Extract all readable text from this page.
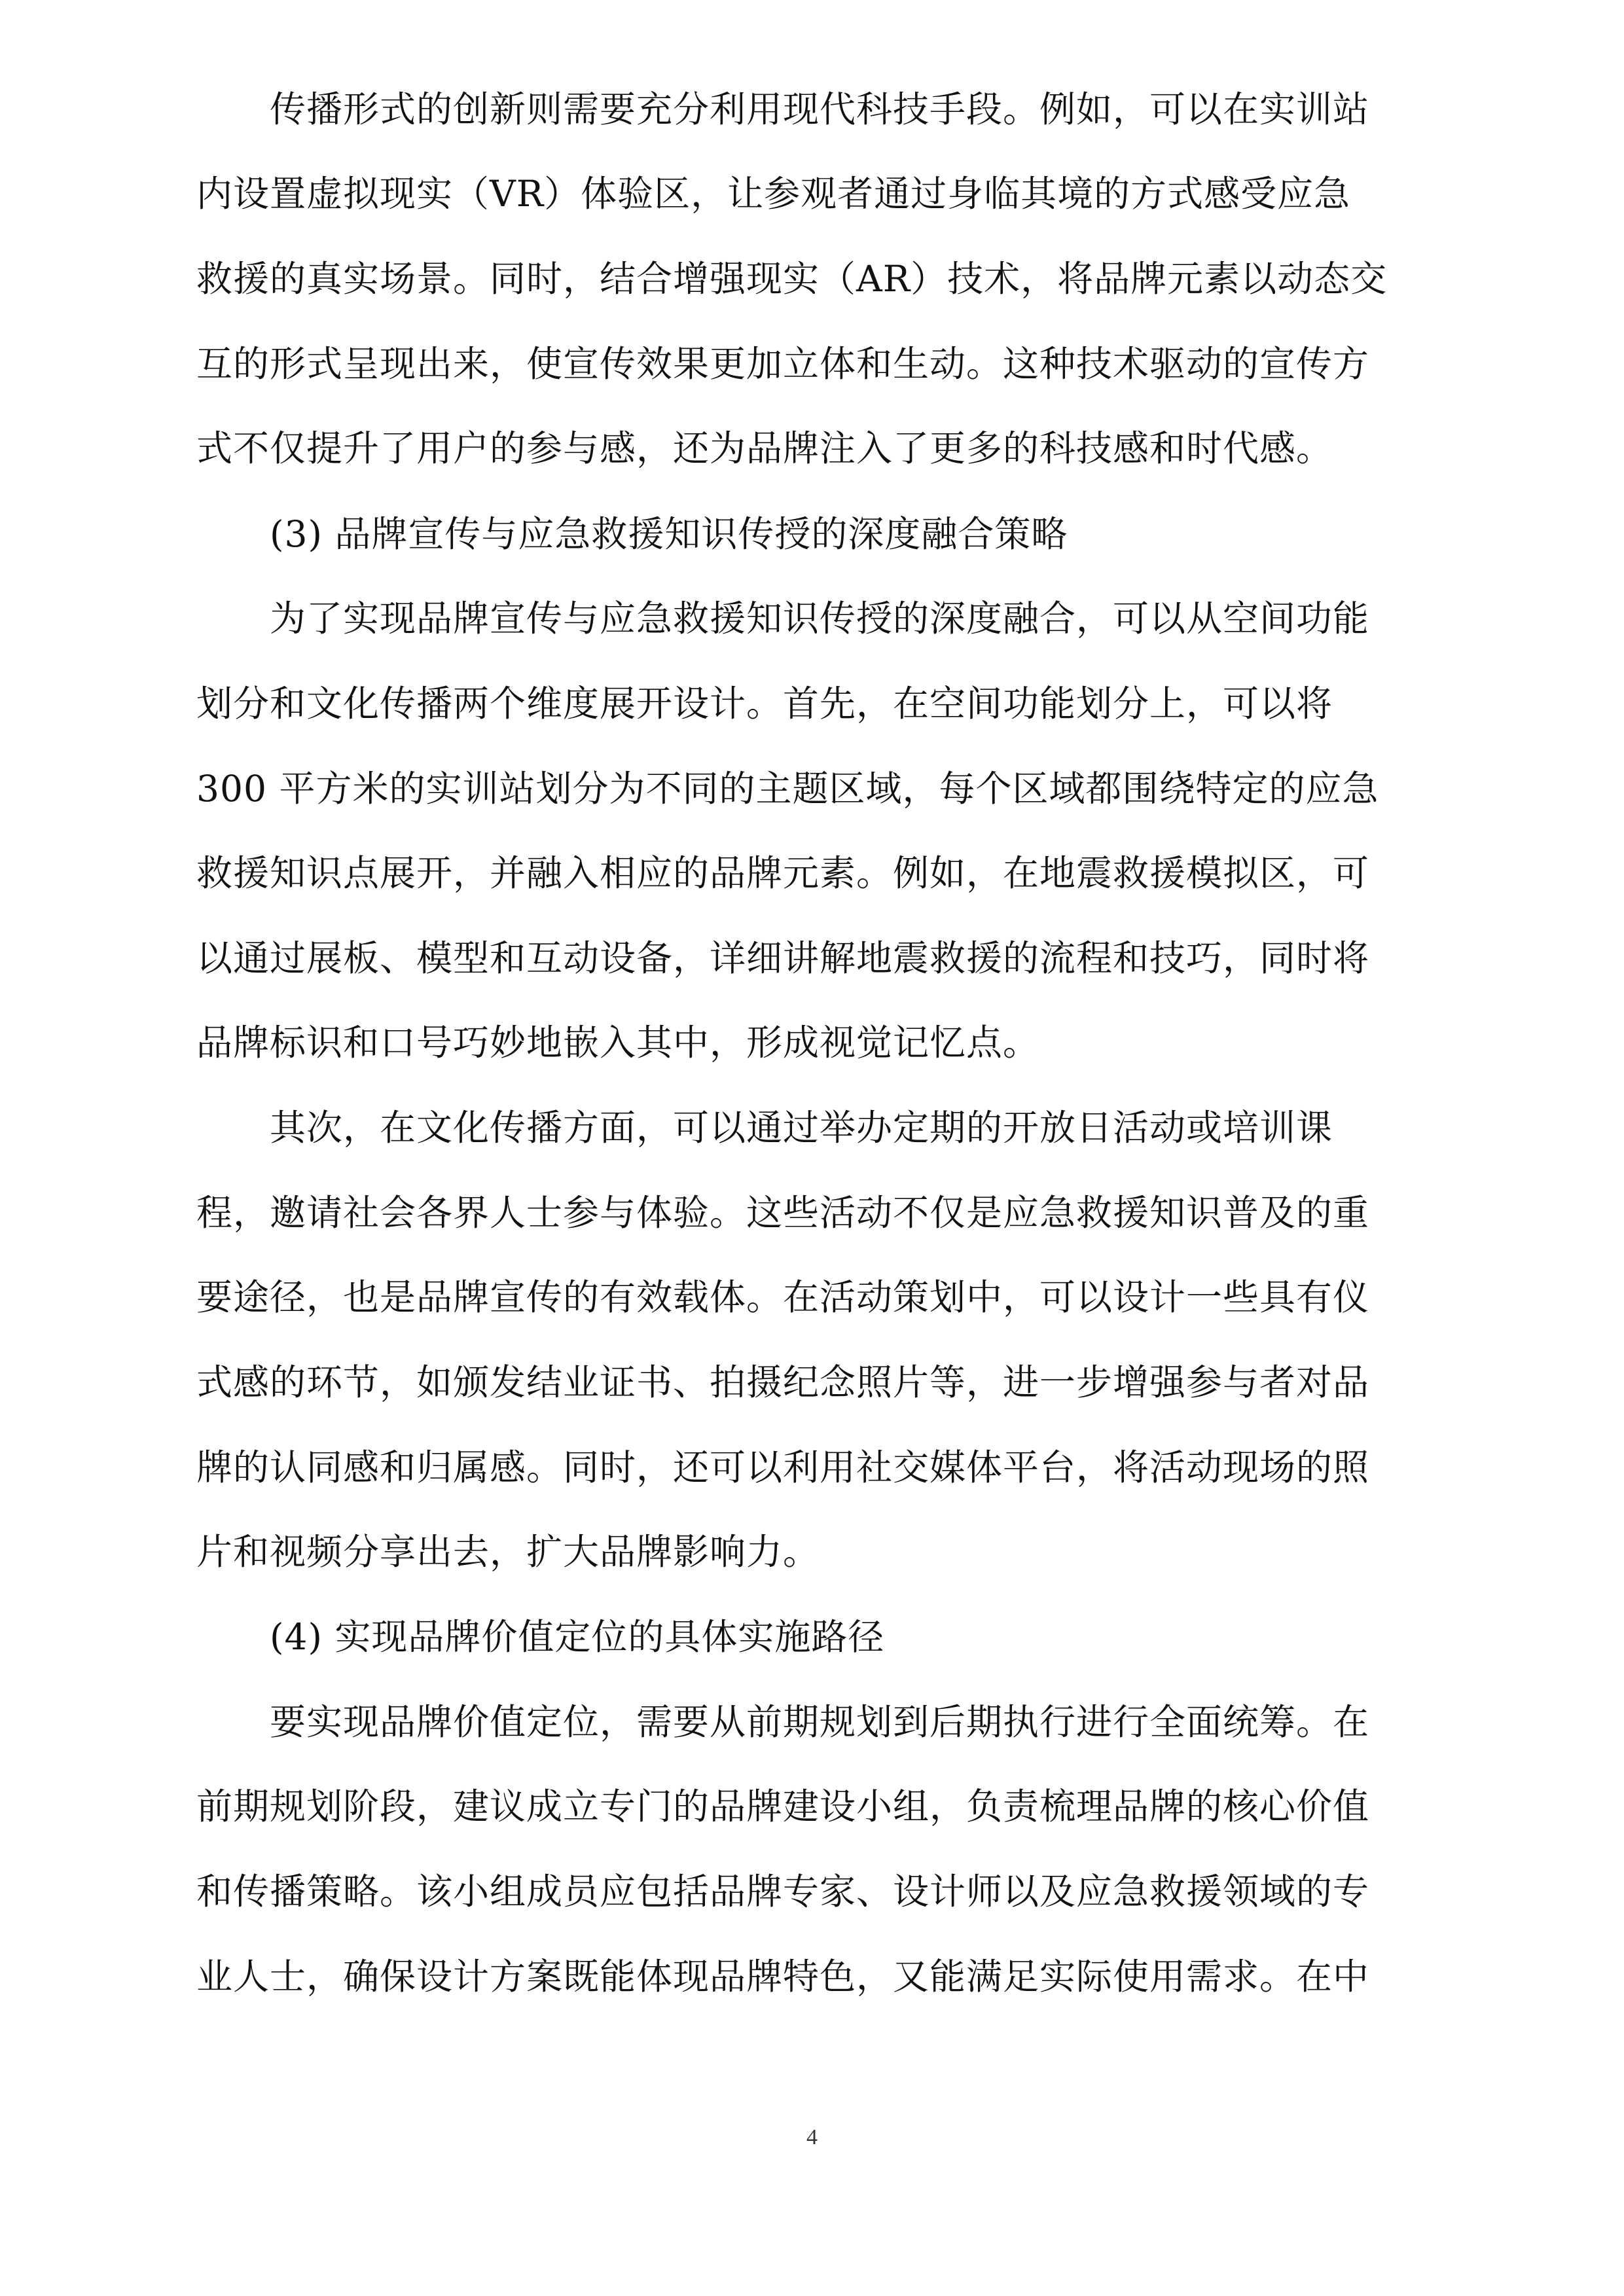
传播形式的创新则需要充分利用现代科技手段。例如，可以在实训站
内设置虚拟现实（VR）体验区，让参观者通过身临其境的方式感受应急
救援的真实场景。同时，结合增强现实（AR）技术，将品牌元素以动态交
互的形式呈现出来，使宣传效果更加立体和生动。这种技术驱动的宣传方
式不仅提升了用户的参与感，还为品牌注入了更多的科技感和时代感。
(3) 品牌宣传与应急救援知识传授的深度融合策略
为了实现品牌宣传与应急救援知识传授的深度融合，可以从空间功能
划分和文化传播两个维度展开设计。首先，在空间功能划分上，可以将
300 平方米的实训站划分为不同的主题区域，每个区域都围绕特定的应急
救援知识点展开，并融入相应的品牌元素。例如，在地震救援模拟区，可
以通过展板、模型和互动设备，详细讲解地震救援的流程和技巧，同时将
品牌标识和口号巧妙地嵌入其中，形成视觉记忆点。
其次，在文化传播方面，可以通过举办定期的开放日活动或培训课
程，邀请社会各界人士参与体验。这些活动不仅是应急救援知识普及的重
要途径，也是品牌宣传的有效载体。在活动策划中，可以设计一些具有仪
式感的环节，如颁发结业证书、拍摄纪念照片等，进一步增强参与者对品
牌的认同感和归属感。同时，还可以利用社交媒体平台，将活动现场的照
片和视频分享出去，扩大品牌影响力。
(4) 实现品牌价值定位的具体实施路径
要实现品牌价值定位，需要从前期规划到后期执行进行全面统筹。在
前期规划阶段，建议成立专门的品牌建设小组，负责梳理品牌的核心价值
和传播策略。该小组成员应包括品牌专家、设计师以及应急救援领域的专
业人士，确保设计方案既能体现品牌特色，又能满足实际使用需求。在中
4
